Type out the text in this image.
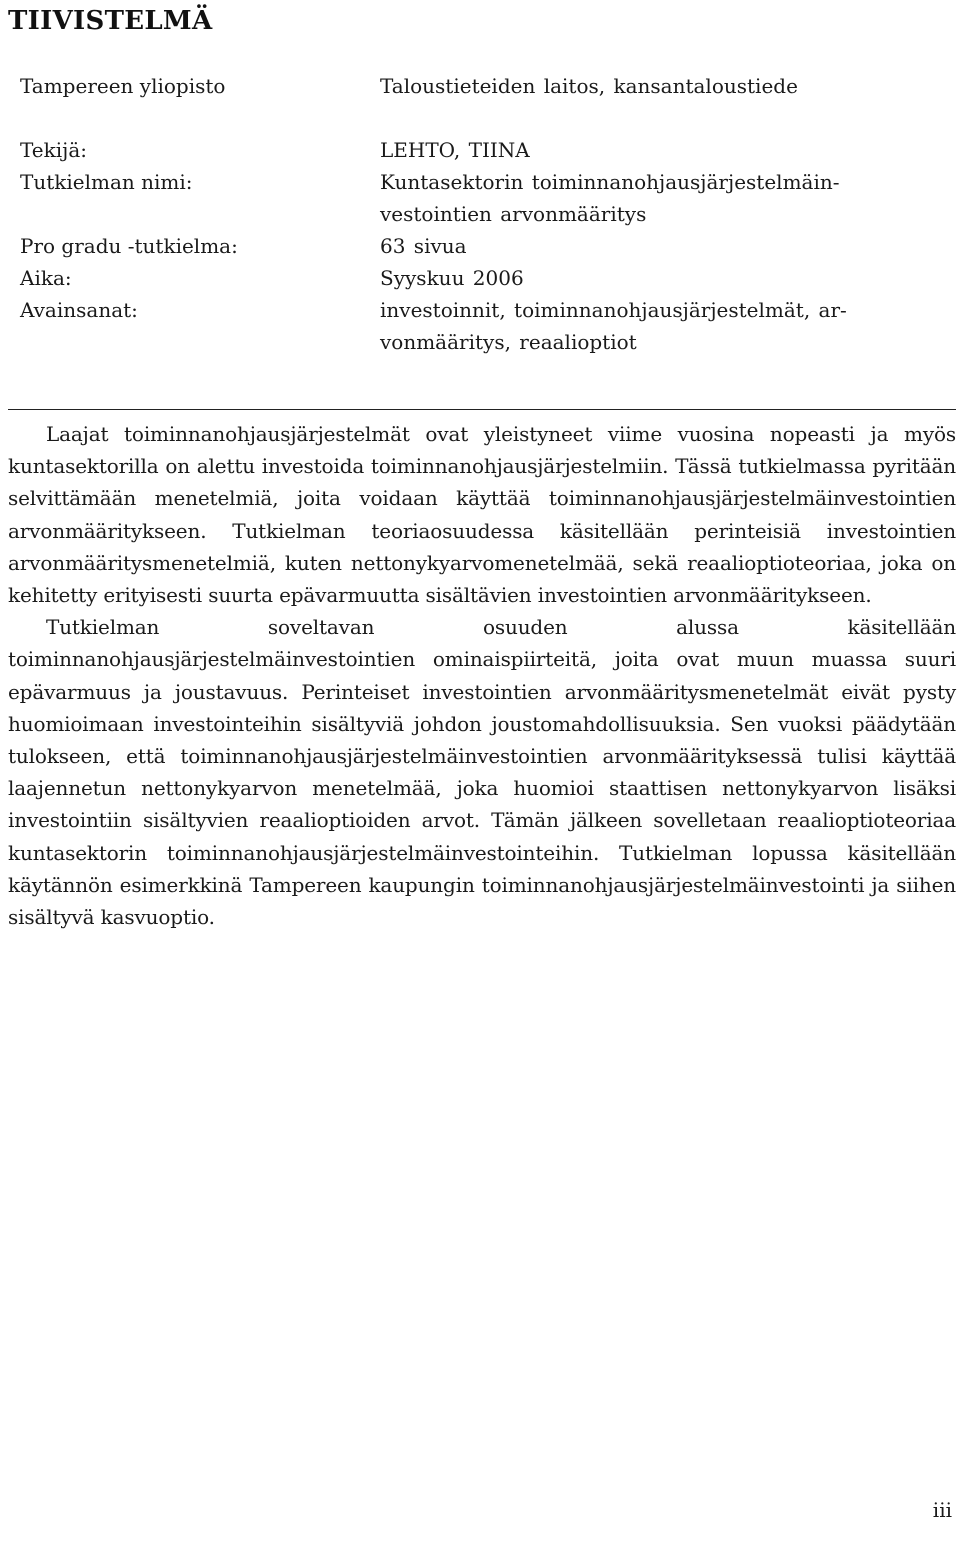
TIIVISTELMÄ
Tampereen yliopisto	Taloustieteiden laitos, kansantaloustiede
Tekijä:	LEHTO, TIINA
Tutkielman nimi:	Kuntasektorin toiminnanohjausjärjestelmäin-
vestointien arvonmääritys
Pro gradu -tutkielma:	63 sivua
Aika:	Syyskuu 2006
Avainsanat:	investoinnit, toiminnanohjausjärjestelmät, ar-
vonmääritys, reaalioptiot

Laajat toiminnanohjausjärjestelmät ovat yleistyneet viime vuosina nopeasti ja myös kuntasektorilla on alettu investoida toiminnanohjausjärjestelmiin. Tässä tutkielmassa pyritään selvittämään menetelmiä, joita voidaan käyttää toiminnanohjausjärjestelmäinvestointien arvonmääritykseen. Tutkielman teoriaosuudessa käsitellään perinteisiä investointien arvonmääritysmenetelmiä, kuten nettonykyarvomenetelmää, sekä reaalioptioteoriaa, joka on kehitetty erityisesti suurta epävarmuutta sisältävien investointien arvonmääritykseen.

Tutkielman soveltavan osuuden alussa käsitellään toiminnanohjausjärjestelmäinvestointien ominaispiirteitä, joita ovat muun muassa suuri epävarmuus ja joustavuus. Perinteiset investointien arvonmääritysmenetelmät eivät pysty huomioimaan investointeihin sisältyviä johdon joustomahdollisuuksia. Sen vuoksi päädytään tulokseen, että toiminnanohjausjärjestelmäinvestointien arvonmäärityksessä tulisi käyttää laajennetun nettonykyarvon menetelmää, joka huomioi staattisen nettonykyarvon lisäksi investointiin sisältyvien reaalioptioiden arvot. Tämän jälkeen sovelletaan reaalioptioteoriaa kuntasektorin toiminnanohjausjärjestelmäinvestointeihin. Tutkielman lopussa käsitellään käytännön esimerkkinä Tampereen kaupungin toiminnanohjausjärjestelmäinvestointi ja siihen sisältyvä kasvuoptio.

iii
